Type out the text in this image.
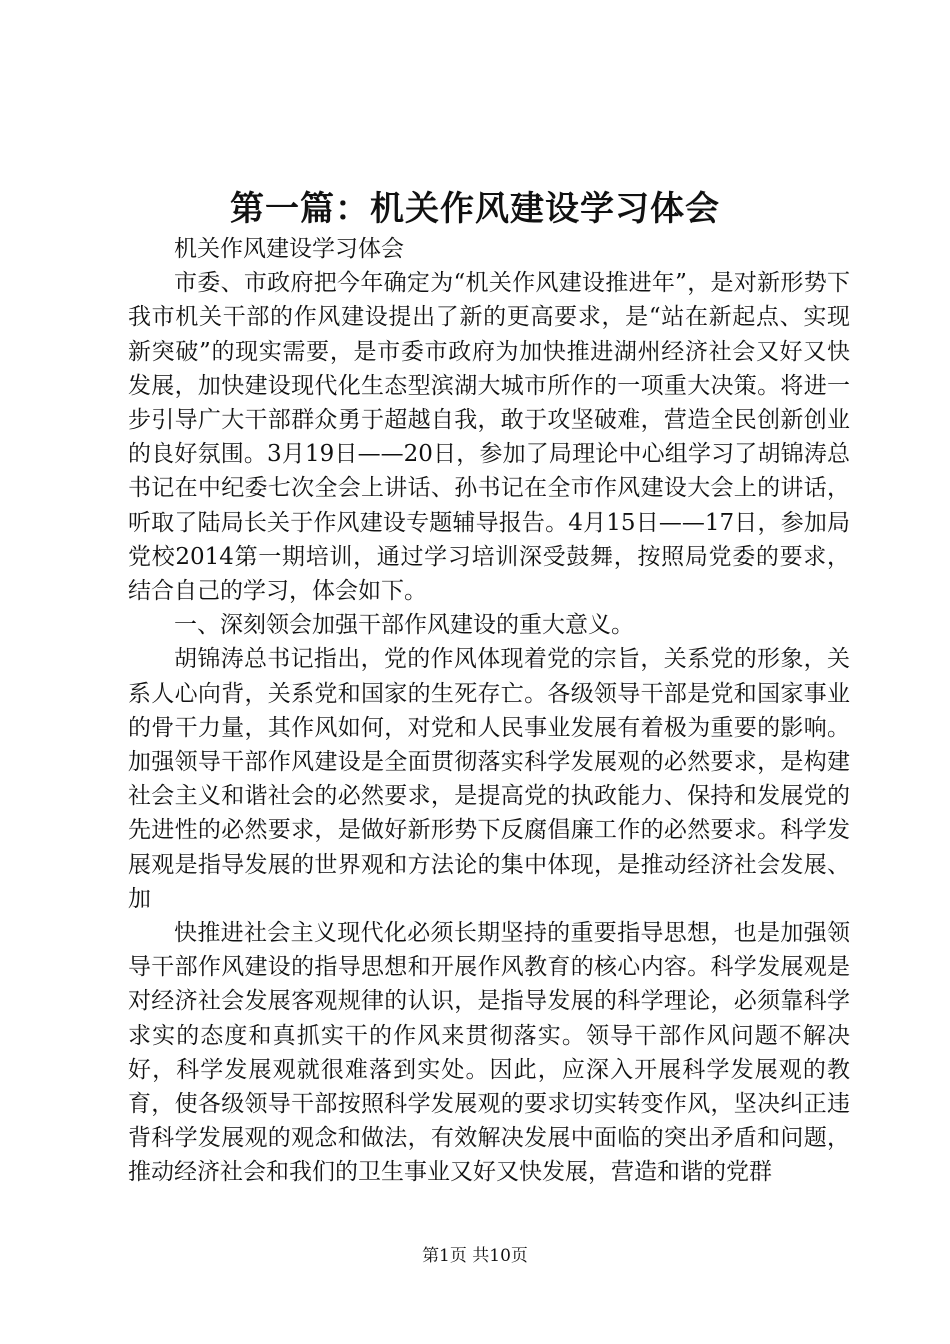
第一篇：机关作风建设学习体会

机关作风建设学习体会

市委、市政府把今年确定为“机关作风建设推进年”，是对新形势下我市机关干部的作风建设提出了新的更高要求，是“站在新起点、实现新突破”的现实需要，是市委市政府为加快推进湖州经济社会又好又快发展，加快建设现代化生态型滨湖大城市所作的一项重大决策。将进一步引导广大干部群众勇于超越自我，敢于攻坚破难，营造全民创新创业的良好氛围。3月19日——20日，参加了局理论中心组学习了胡锦涛总书记在中纪委七次全会上讲话、孙书记在全市作风建设大会上的讲话，听取了陆局长关于作风建设专题辅导报告。4月15日——17日，参加局党校2014第一期培训，通过学习培训深受鼓舞，按照局党委的要求，结合自己的学习，体会如下。

一、深刻领会加强干部作风建设的重大意义。

胡锦涛总书记指出，党的作风体现着党的宗旨，关系党的形象，关系人心向背，关系党和国家的生死存亡。各级领导干部是党和国家事业的骨干力量，其作风如何，对党和人民事业发展有着极为重要的影响。加强领导干部作风建设是全面贯彻落实科学发展观的必然要求，是构建社会主义和谐社会的必然要求，是提高党的执政能力、保持和发展党的先进性的必然要求，是做好新形势下反腐倡廉工作的必然要求。科学发展观是指导发展的世界观和方法论的集中体现，是推动经济社会发展、加

快推进社会主义现代化必须长期坚持的重要指导思想，也是加强领导干部作风建设的指导思想和开展作风教育的核心内容。科学发展观是对经济社会发展客观规律的认识，是指导发展的科学理论，必须靠科学求实的态度和真抓实干的作风来贯彻落实。领导干部作风问题不解决好，科学发展观就很难落到实处。因此，应深入开展科学发展观的教育，使各级领导干部按照科学发展观的要求切实转变作风，坚决纠正违背科学发展观的观念和做法，有效解决发展中面临的突出矛盾和问题，推动经济社会和我们的卫生事业又好又快发展，营造和谐的党群

第1页 共10页
